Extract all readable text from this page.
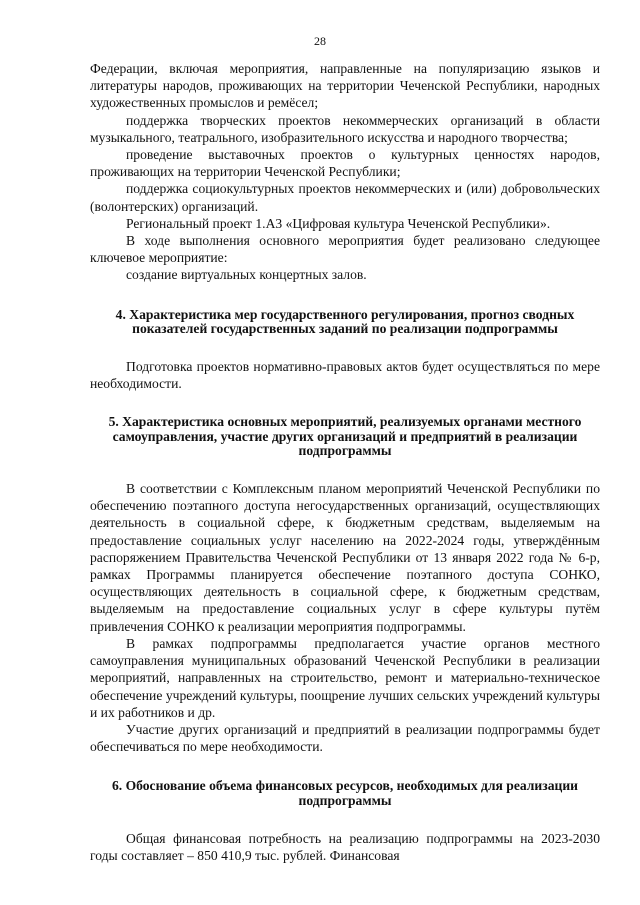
28

Федерации, включая мероприятия, направленные на популяризацию языков и литературы народов, проживающих на территории Чеченской Республики, народных художественных промыслов и ремёсел;

поддержка творческих проектов некоммерческих организаций в области музыкального, театрального, изобразительного искусства и народного творчества;

проведение выставочных проектов о культурных ценностях народов, проживающих на территории Чеченской Республики;

поддержка социокультурных проектов некоммерческих и (или) добровольческих (волонтерских) организаций.

Региональный проект 1.А3 «Цифровая культура Чеченской Республики».

В ходе выполнения основного мероприятия будет реализовано следующее ключевое мероприятие:

создание виртуальных концертных залов.

4. Характеристика мер государственного регулирования, прогноз сводных показателей государственных заданий по реализации подпрограммы

Подготовка проектов нормативно-правовых актов будет осуществляться по мере необходимости.

5. Характеристика основных мероприятий, реализуемых органами местного самоуправления, участие других организаций и предприятий в реализации подпрограммы

В соответствии с Комплексным планом мероприятий Чеченской Республики по обеспечению поэтапного доступа негосударственных организаций, осуществляющих деятельность в социальной сфере, к бюджетным средствам, выделяемым на предоставление социальных услуг населению на 2022-2024 годы, утверждённым распоряжением Правительства Чеченской Республики от 13 января 2022 года № 6-р, рамках Программы планируется обеспечение поэтапного доступа СОНКО, осуществляющих деятельность в социальной сфере, к бюджетным средствам, выделяемым на предоставление социальных услуг в сфере культуры путём привлечения СОНКО к реализации мероприятия подпрограммы.

В рамках подпрограммы предполагается участие органов местного самоуправления муниципальных образований Чеченской Республики в реализации мероприятий, направленных на строительство, ремонт и материально-техническое обеспечение учреждений культуры, поощрение лучших сельских учреждений культуры и их работников и др.

Участие других организаций и предприятий в реализации подпрограммы будет обеспечиваться по мере необходимости.

6. Обоснование объема финансовых ресурсов, необходимых для реализации подпрограммы

Общая финансовая потребность на реализацию подпрограммы на 2023-2030 годы составляет – 850 410,9 тыс. рублей. Финансовая
